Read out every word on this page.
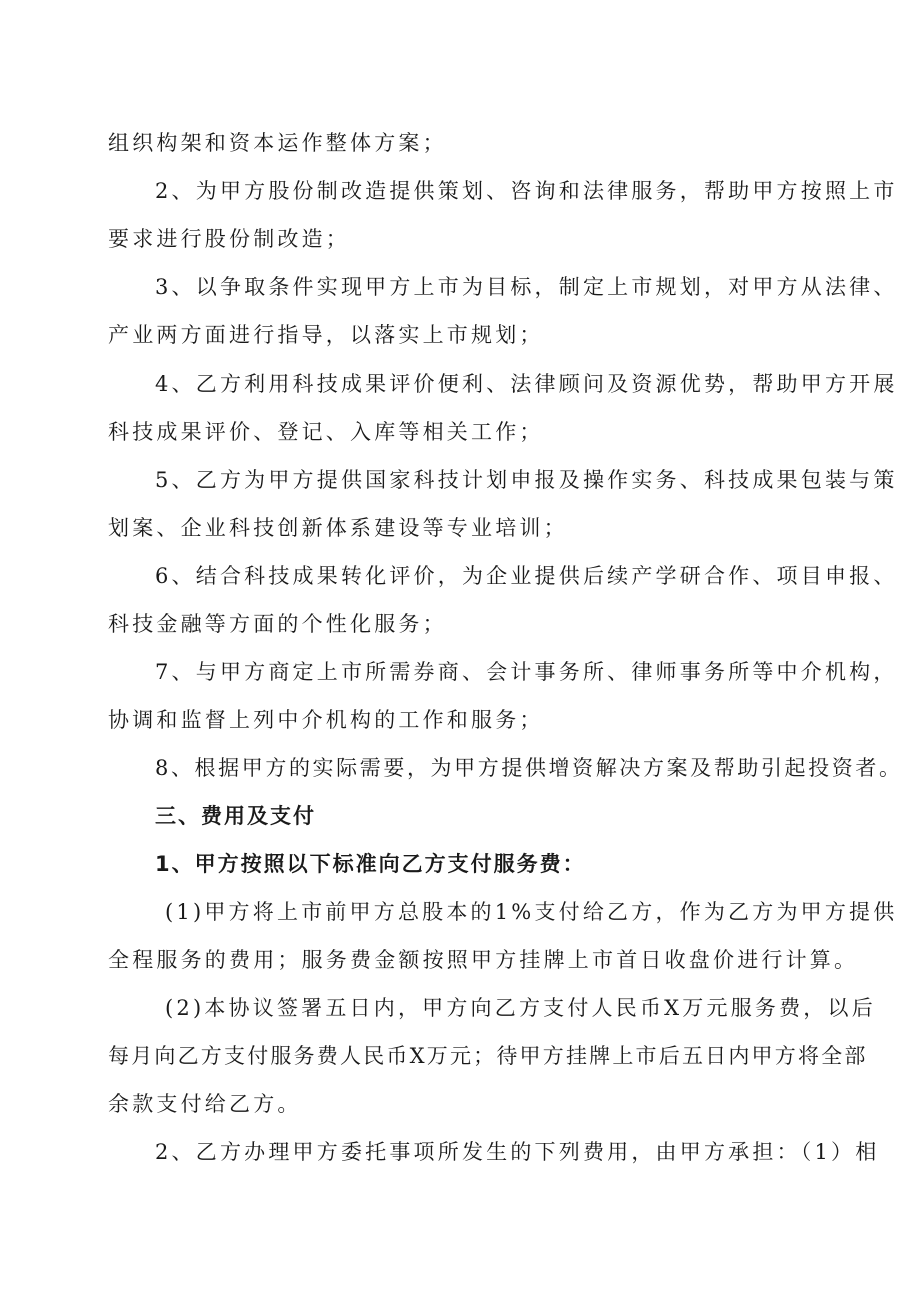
组织构架和资本运作整体方案；
2、为甲方股份制改造提供策划、咨询和法律服务，帮助甲方按照上市
要求进行股份制改造；
3、以争取条件实现甲方上市为目标，制定上市规划，对甲方从法律、
产业两方面进行指导，以落实上市规划；
4、乙方利用科技成果评价便利、法律顾问及资源优势，帮助甲方开展
科技成果评价、登记、入库等相关工作；
5、乙方为甲方提供国家科技计划申报及操作实务、科技成果包装与策
划案、企业科技创新体系建设等专业培训；
6、结合科技成果转化评价，为企业提供后续产学研合作、项目申报、
科技金融等方面的个性化服务；
7、与甲方商定上市所需券商、会计事务所、律师事务所等中介机构，
协调和监督上列中介机构的工作和服务；
8、根据甲方的实际需要，为甲方提供增资解决方案及帮助引起投资者。
三、费用及支付
1、甲方按照以下标准向乙方支付服务费：
(1)甲方将上市前甲方总股本的1%支付给乙方，作为乙方为甲方提供
全程服务的费用；服务费金额按照甲方挂牌上市首日收盘价进行计算。
(2)本协议签署五日内，甲方向乙方支付人民币X万元服务费，以后
每月向乙方支付服务费人民币X万元；待甲方挂牌上市后五日内甲方将全部
余款支付给乙方。
2、乙方办理甲方委托事项所发生的下列费用，由甲方承担：（1）相
